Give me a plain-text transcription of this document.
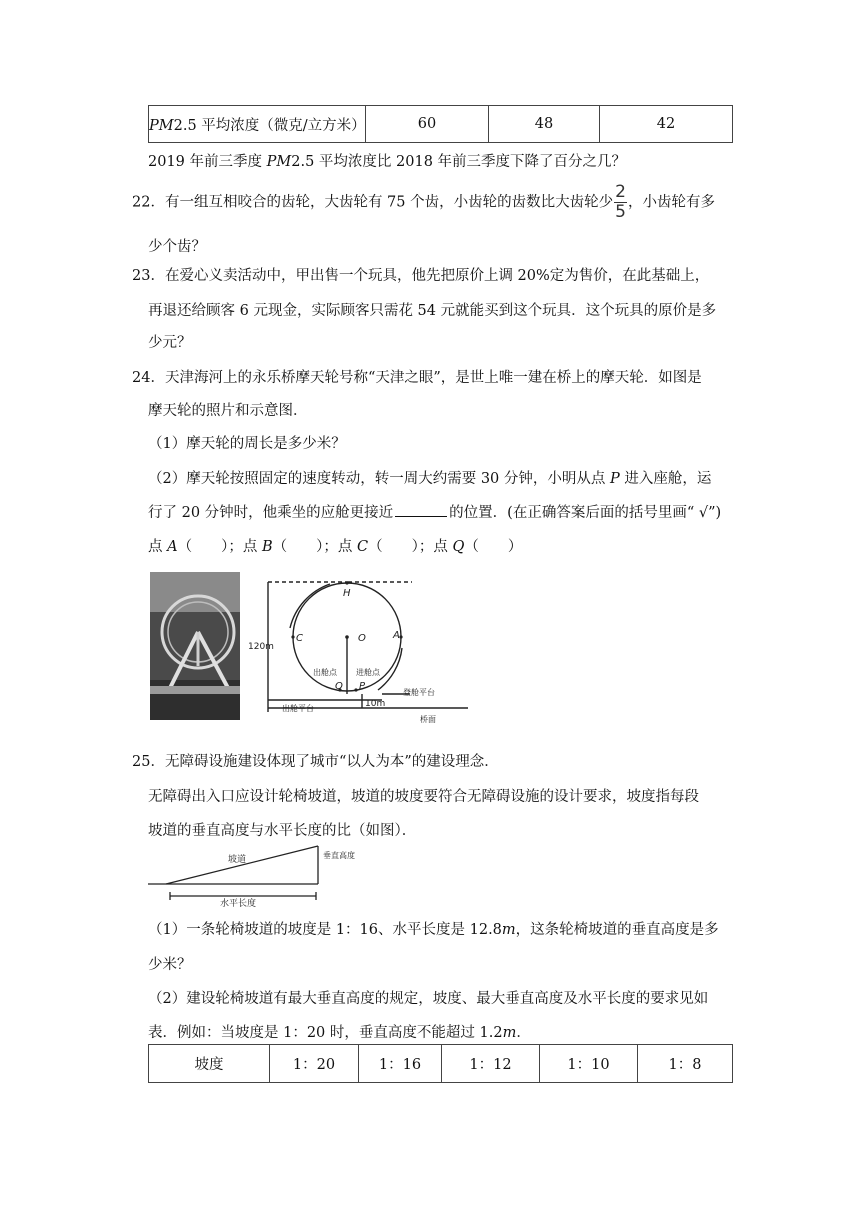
PM2.5 平均浓度（微克/立方米）	60	48	42
2019 年前三季度 PM2.5 平均浓度比 2018 年前三季度下降了百分之几？
22．有一组互相咬合的齿轮，大齿轮有 75 个齿，小齿轮的齿数比大齿轮少 $\frac{2}{5}$ ，小齿轮有多
少个齿？
23．在爱心义卖活动中，甲出售一个玩具，他先把原价上调 20%定为售价，在此基础上，
再退还给顾客 6 元现金，实际顾客只需花 54 元就能买到这个玩具．这个玩具的原价是多
少元？
24．天津海河上的永乐桥摩天轮号称“天津之眼”，是世上唯一建在桥上的摩天轮．如图是
摩天轮的照片和示意图．
（1）摩天轮的周长是多少米？
（2）摩天轮按照固定的速度转动，转一周大约需要 30 分钟，小明从点 P 进入座舱，运
行了 20 分钟时，他乘坐的应舱更接近	的位置．(在正确答案后面的括号里画“ √”)
点 A（　　）；点 B（　　）；点 C（　　）；点 Q（　　）
H
C	O	A
Q P
120m
10m
出舱点 进舱点
登舱平台
出舱平台
桥面
25．无障碍设施建设体现了城市“以人为本”的建设理念．
无障碍出入口应设计轮椅坡道，坡道的坡度要符合无障碍设施的设计要求，坡度指每段
坡道的垂直高度与水平长度的比（如图）．
坡道	垂直高度
水平长度
（1）一条轮椅坡道的坡度是 1：16、水平长度是 12.8m，这条轮椅坡道的垂直高度是多
少米？
（2）建设轮椅坡道有最大垂直高度的规定，坡度、最大垂直高度及水平长度的要求见如
表．例如：当坡度是 1：20 时，垂直高度不能超过 1.2m．
坡度	1：20	1：16	1：12	1：10	1：8
